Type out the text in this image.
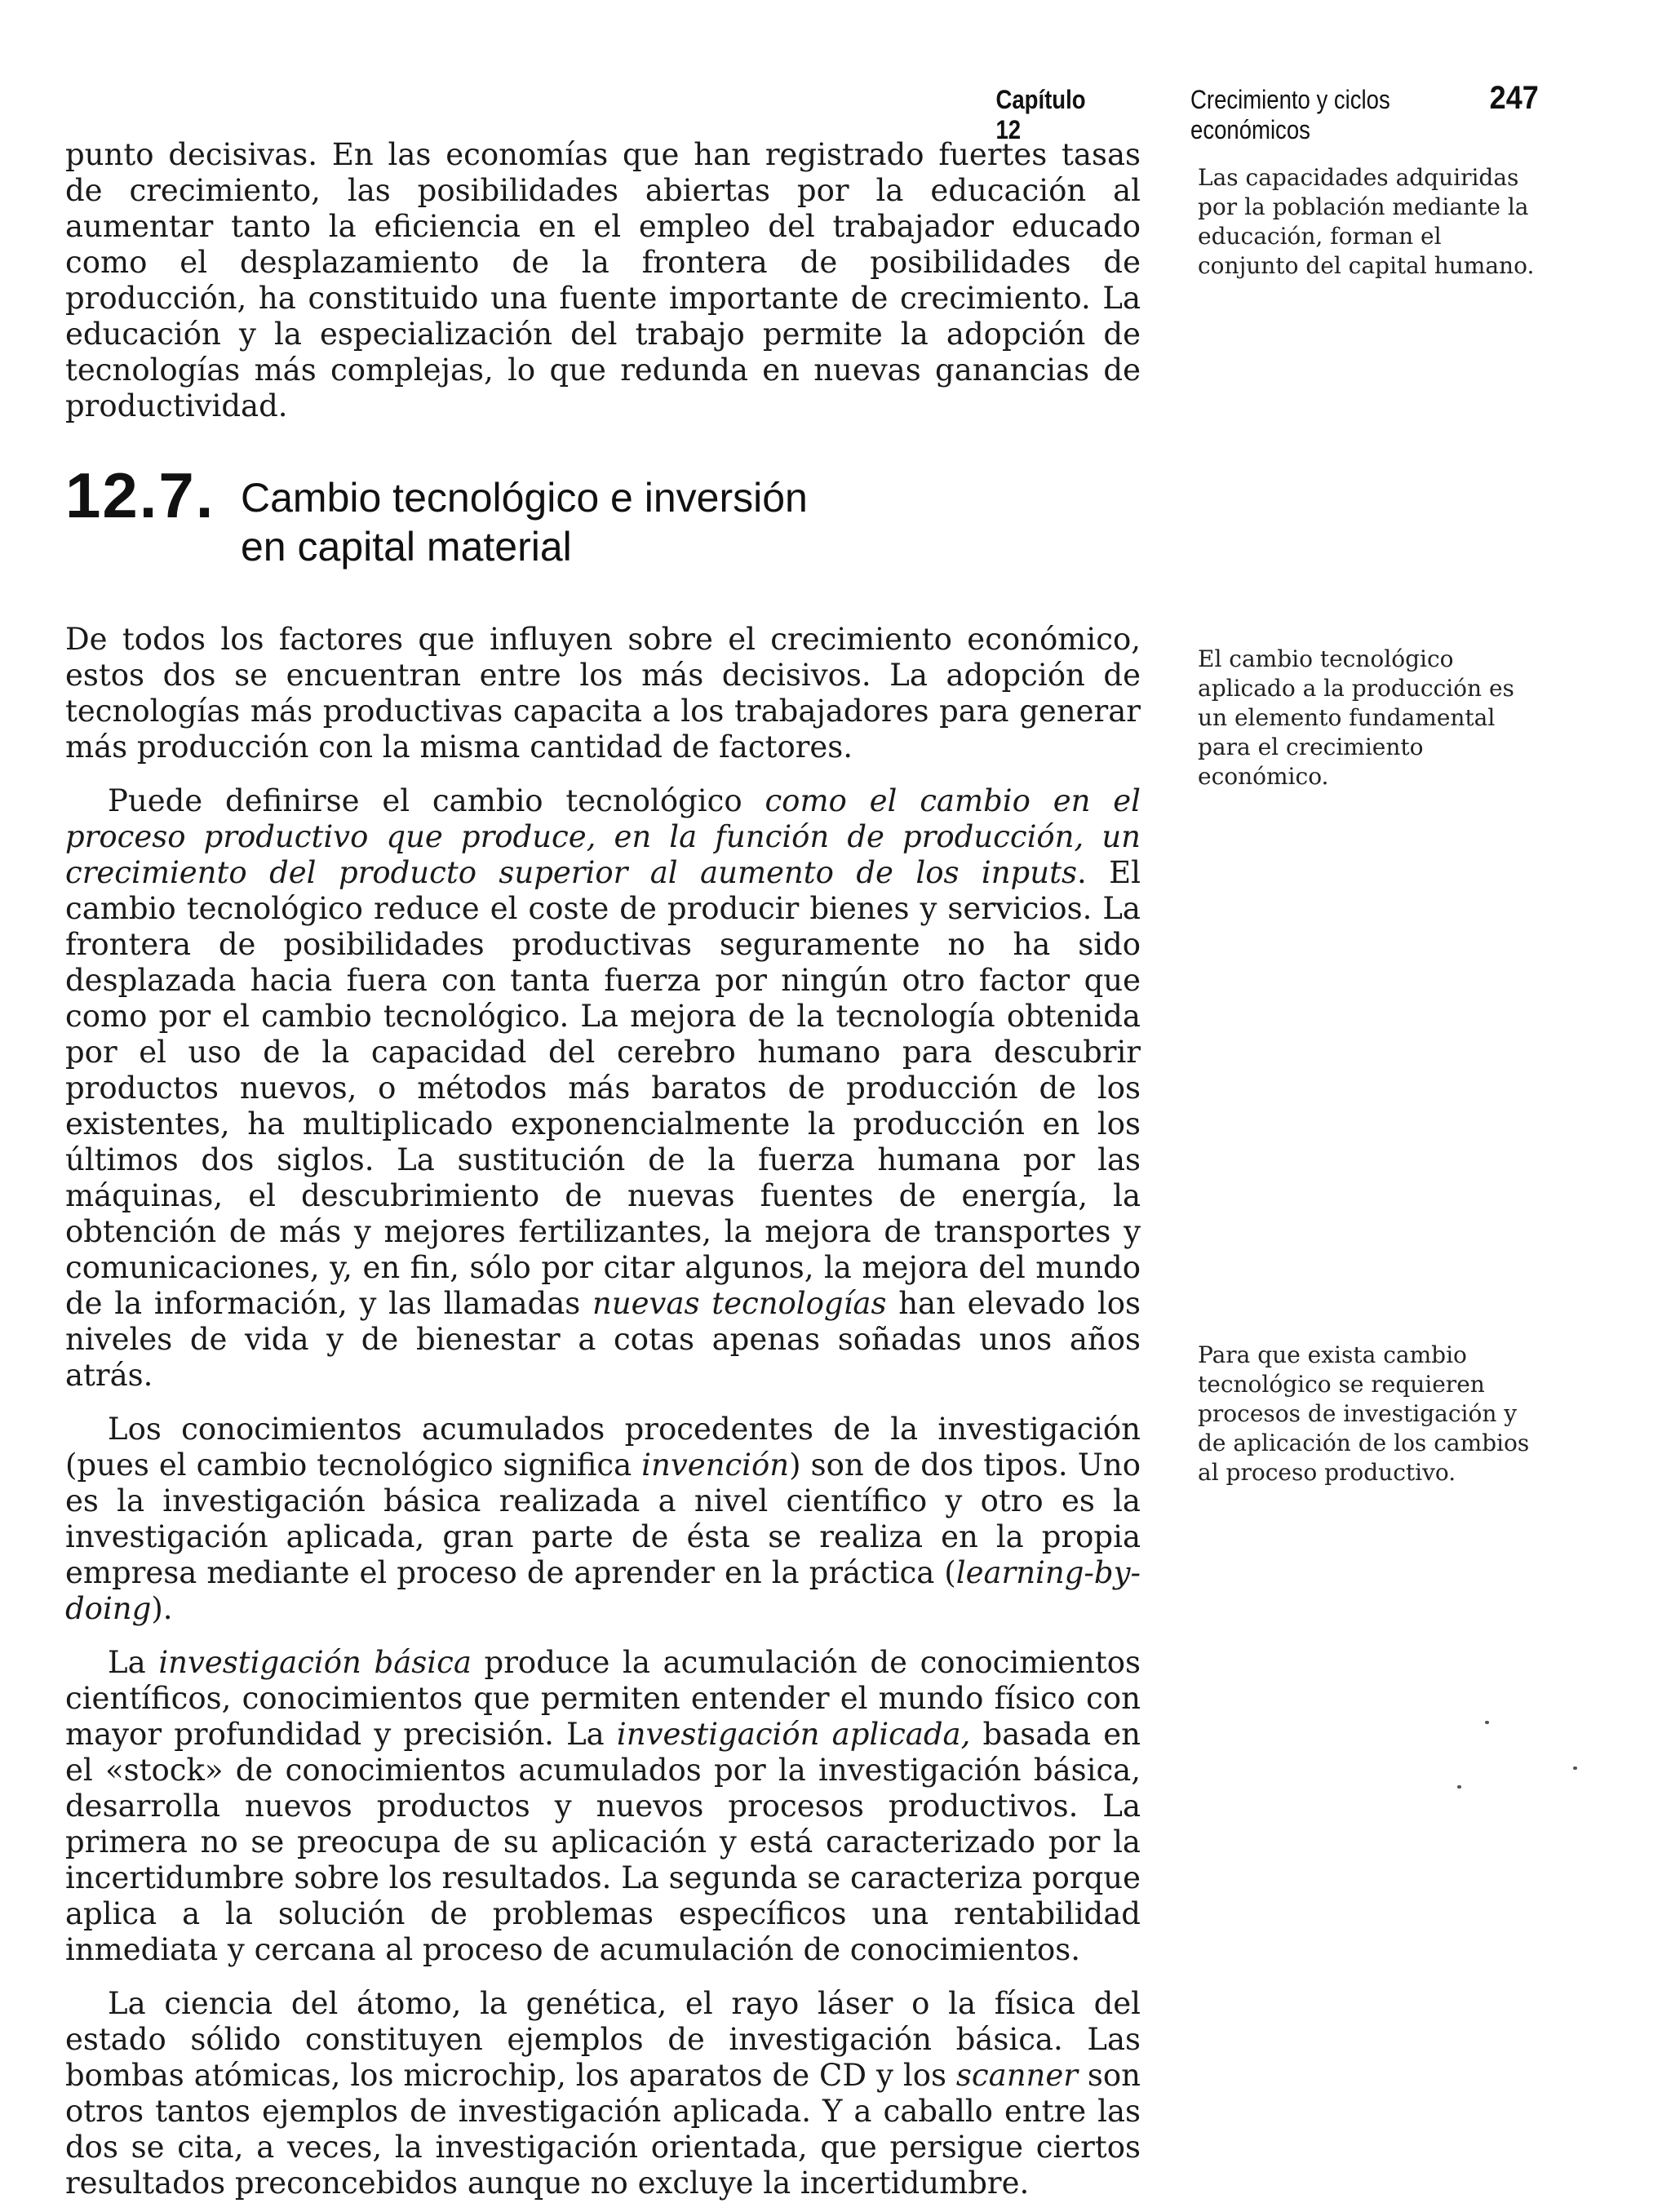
Capítulo 12
Crecimiento y ciclos económicos
247

punto decisivas. En las economías que han registrado fuertes tasas de crecimiento, las posibilidades abiertas por la educación al aumentar tanto la eficiencia en el empleo del trabajador educado como el desplazamiento de la frontera de posibilidades de producción, ha constituido una fuente importante de crecimiento. La educación y la especialización del trabajo permite la adopción de tecnologías más complejas, lo que redunda en nuevas ganancias de productividad.

12.7. Cambio tecnológico e inversión
en capital material

De todos los factores que influyen sobre el crecimiento económico, estos dos se encuentran entre los más decisivos. La adopción de tecnologías más productivas capacita a los trabajadores para generar más producción con la misma cantidad de factores.

Puede definirse el cambio tecnológico como el cambio en el proceso productivo que produce, en la función de producción, un crecimiento del producto superior al aumento de los inputs. El cambio tecnológico reduce el coste de producir bienes y servicios. La frontera de posibilidades productivas seguramente no ha sido desplazada hacia fuera con tanta fuerza por ningún otro factor que como por el cambio tecnológico. La mejora de la tecnología obtenida por el uso de la capacidad del cerebro humano para descubrir productos nuevos, o métodos más baratos de producción de los existentes, ha multiplicado exponencialmente la producción en los últimos dos siglos. La sustitución de la fuerza humana por las máquinas, el descubrimiento de nuevas fuentes de energía, la obtención de más y mejores fertilizantes, la mejora de transportes y comunicaciones, y, en fin, sólo por citar algunos, la mejora del mundo de la información, y las llamadas nuevas tecnologías han elevado los niveles de vida y de bienestar a cotas apenas soñadas unos años atrás.

Los conocimientos acumulados procedentes de la investigación (pues el cambio tecnológico significa invención) son de dos tipos. Uno es la investigación básica realizada a nivel científico y otro es la investigación aplicada, gran parte de ésta se realiza en la propia empresa mediante el proceso de aprender en la práctica (learning-by-doing).

La investigación básica produce la acumulación de conocimientos científicos, conocimientos que permiten entender el mundo físico con mayor profundidad y precisión. La investigación aplicada, basada en el «stock» de conocimientos acumulados por la investigación básica, desarrolla nuevos productos y nuevos procesos productivos. La primera no se preocupa de su aplicación y está caracterizado por la incertidumbre sobre los resultados. La segunda se caracteriza porque aplica a la solución de problemas específicos una rentabilidad inmediata y cercana al proceso de acumulación de conocimientos.

La ciencia del átomo, la genética, el rayo láser o la física del estado sólido constituyen ejemplos de investigación básica. Las bombas atómicas, los microchip, los aparatos de CD y los scanner son otros tantos ejemplos de investigación aplicada. Y a caballo entre las dos se cita, a veces, la investigación orientada, que persigue ciertos resultados preconcebidos aunque no excluye la incertidumbre.

Las capacidades adquiridas por la población mediante la educación, forman el conjunto del capital humano.
El cambio tecnológico aplicado a la producción es un elemento fundamental para el crecimiento económico.
Para que exista cambio tecnológico se requieren procesos de investigación y de aplicación de los cambios al proceso productivo.
